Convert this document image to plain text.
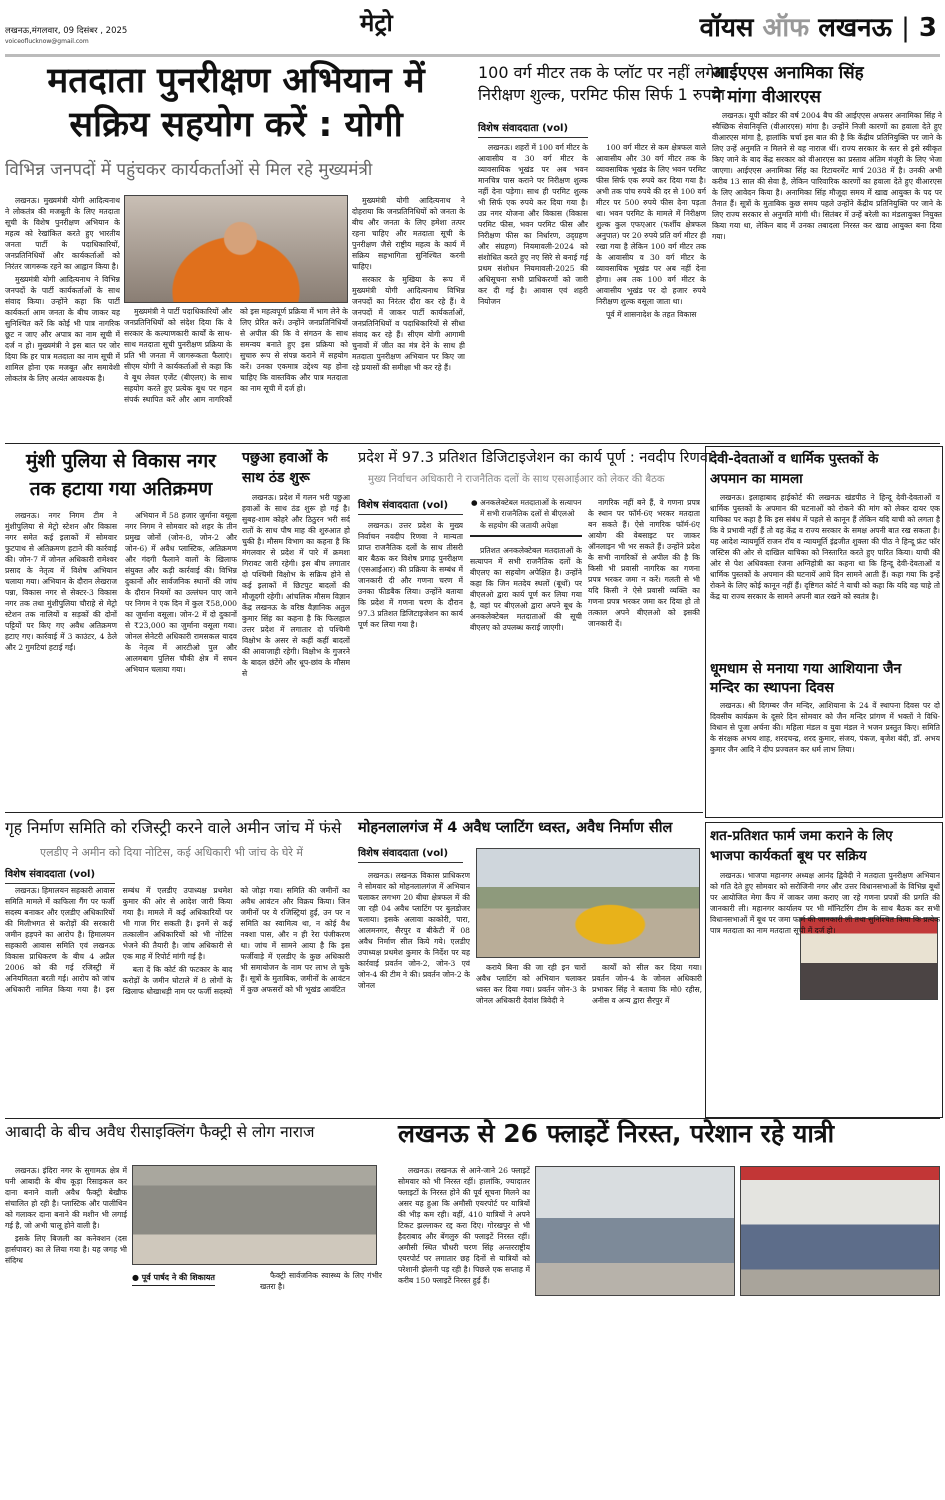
लखनऊ,मंगलवार, 09 दिसंबर , 2025
voiceoflucknow@gmail.com
मेट्रो	वॉयस ऑफ लखनऊ | 3
मतदाता पुनरीक्षण अभियान में
सक्रिय सहयोग करें : योगी
विभिन्न जनपदों में पहुंचकर कार्यकर्ताओं से मिल रहे मुख्यमंत्री

लखनऊ। मुख्यमंत्री योगी आदित्यनाथ ने लोकतंत्र की मजबूती के लिए मतदाता सूची के विशेष पुनरीक्षण अभियान के महत्व को रेखांकित करते हुए भारतीय जनता पार्टी के पदाधिकारियों, जनप्रतिनिधियों और कार्यकर्ताओं को निरंतर जागरूक रहने का आह्वान किया है।

मुख्यमंत्री योगी आदित्यनाथ ने विभिन्न जनपदों के पार्टी कार्यकर्ताओं के साथ संवाद किया। उन्होंने कहा कि पार्टी कार्यकर्ता आम जनता के बीच जाकर यह सुनिश्चित करें कि कोई भी पात्र नागरिक छूट न जाए और अपात्र का नाम सूची में दर्ज न हो। मुख्यमंत्री ने इस बात पर जोर दिया कि हर पात्र मतदाता का नाम सूची में शामिल होना एक मजबूत और समावेशी लोकतंत्र के लिए अत्यंत आवश्यक है।

मुख्यमंत्री ने पार्टी पदाधिकारियों और जनप्रतिनिधियों को संदेश दिया कि वे सरकार के कल्याणकारी कार्यों के साथ-साथ मतदाता सूची पुनरीक्षण प्रक्रिया के प्रति भी जनता में जागरूकता फैलाएं। सीएम योगी ने कार्यकर्ताओं से कहा कि वे बूथ लेवल एजेंट (बीएलए) के साथ सहयोग करते हुए प्रत्येक बूथ पर गहन संपर्क स्थापित करें और आम नागरिकों को इस महत्वपूर्ण प्रक्रिया में भाग लेने के लिए प्रेरित करें। उन्होंने जनप्रतिनिधियों से अपील की कि वे संगठन के साथ समन्वय बनाते हुए इस प्रक्रिया को सुचारु रूप से संपन्न कराने में सहयोग करें। उनका एकमात्र उद्देश्य यह होना चाहिए कि वास्तविक और पात्र मतदाता का नाम सूची में दर्ज हो।

मुख्यमंत्री योगी आदित्यनाथ ने दोहराया कि जनप्रतिनिधियों को जनता के बीच और जनता के लिए हमेशा तत्पर रहना चाहिए और मतदाता सूची के पुनरीक्षण जैसे राष्ट्रीय महत्व के कार्य में सक्रिय सहभागिता सुनिश्चित करनी चाहिए।

सरकार के मुखिया के रूप में मुख्यमंत्री योगी आदित्यनाथ विभिन्न जनपदों का निरंतर दौरा कर रहे हैं। वे जनपदों में जाकर पार्टी कार्यकर्ताओं, जनप्रतिनिधियों व पदाधिकारियों से सीधा संवाद कर रहे हैं। सीएम योगी आगामी चुनावों में जीत का मंत्र देने के साथ ही मतदाता पुनरीक्षण अभियान पर किए जा रहे प्रयासों की समीक्षा भी कर रहे हैं।

100 वर्ग मीटर तक के प्लॉट पर नहीं लगेगा
निरीक्षण शुल्क, परमिट फीस सिर्फ 1 रुपया
विशेष संवाददाता (vol)

लखनऊ। शहरों में 100 वर्ग मीटर के आवासीय व 30 वर्ग मीटर के व्यावसायिक भूखंड पर अब भवन मानचित्र पास कराने पर निरीक्षण शुल्क नहीं देना पड़ेगा। साथ ही परमिट शुल्क भी सिर्फ एक रुपये कर दिया गया है। उप्र नगर योजना और विकास (विकास परमिट फीस, भवन परमिट फीस और निरीक्षण फीस का निर्धारण, उद्ग्रहण और संग्रहण) नियमावली-2024 को संशोधित करते हुए नए सिरे से बनाई गई प्रथम संशोधन नियमावली-2025 की अधिसूचना सभी प्राधिकरणों को जारी कर दी गई है। आवास एवं शहरी नियोजन

100 वर्ग मीटर से कम क्षेत्रफल वाले आवासीय और 30 वर्ग मीटर तक के व्यावसायिक भूखंड के लिए भवन परमिट फीस सिर्फ एक रुपये कर दिया गया है। अभी तक पांच रुपये की दर से 100 वर्ग मीटर पर 500 रुपये फीस देना पड़ता था। भवन परमिट के मामले में निरीक्षण शुल्क कुल एफएआर (फर्शीय क्षेत्रफल अनुपात) पर 20 रुपये प्रति वर्ग मीटर ही रखा गया है लेकिन 100 वर्ग मीटर तक के आवासीय व 30 वर्ग मीटर के व्यावसायिक भूखंड पर अब नहीं देना होगा। अब तक 100 वर्ग मीटर के आवासीय भूखंड पर दो हजार रुपये निरीक्षण शुल्क वसूला जाता था।

पूर्व में शासनादेश के तहत विकास

आईएएस अनामिका सिंह
ने मांगा वीआरएस

लखनऊ। यूपी कॉडर की वर्ष 2004 बैच की आईएएस अफसर अनामिका सिंह ने स्वैच्छिक सेवानिवृत्ति (वीआरएस) मांगा है। उन्होंने निजी कारणों का हवाला देते हुए वीआरएस मांगा है, हालांकि चर्चा इस बात की है कि केंद्रीय प्रतिनियुक्ति पर जाने के लिए उन्हें अनुमति न मिलने से वह नाराज थीं। राज्य सरकार के स्तर से इसे स्वीकृत किए जाने के बाद केंद्र सरकार को वीआरएस का प्रस्ताव अंतिम मंजूरी के लिए भेजा जाएगा। आईएएस अनामिका सिंह का रिटायरमेंट मार्च 2038 में है। उनकी अभी करीब 13 साल की सेवा है, लेकिन पारिवारिक कारणों का हवाला देते हुए वीआरएस के लिए आवेदन किया है। अनामिका सिंह मौजूदा समय में खाद्य आयुक्त के पद पर तैनात हैं। सूत्रों के मुताबिक कुछ समय पहले उन्होंने केंद्रीय प्रतिनियुक्ति पर जाने के लिए राज्य सरकार से अनुमति मांगी थी। सितंबर में उन्हें बरेली का मंडलायुक्त नियुक्त किया गया था, लेकिन बाद में उनका तबादला निरस्त कर खाद्य आयुक्त बना दिया गया।

मुंशी पुलिया से विकास नगर
तक हटाया गया अतिक्रमण

लखनऊ। नगर निगम टीम ने मुंशीपुलिया से मेट्रो स्टेशन और विकास नगर समेत कई इलाकों में सोमवार फुटपाथ से अतिक्रमण हटाने की कार्रवाई की। जोन-7 में जोनल अधिकारी रामेश्वर प्रसाद के नेतृत्व में विशेष अभियान चलाया गया। अभियान के दौरान लेखराज पन्ना, विकास नगर से सेक्टर-3 विकास नगर तक तथा मुंशीपुलिया चौराहे से मेट्रो स्टेशन तक नालियों व सड़कों की दोनों पट्टियों पर किए गए अवैध अतिक्रमण हटाए गए। कार्रवाई में 3 काउंटर, 4 ठेले और 2 गुमटियां हटाई गईं।

अभियान में 58 हजार जुर्माना वसूला नगर निगम ने सोमवार को शहर के तीन प्रमुख जोनों (जोन-8, जोन-2 और जोन-6) में अवैध प्लास्टिक, अतिक्रमण और गंदगी फैलाने वालों के खिलाफ संयुक्त और कड़ी कार्रवाई की। विभिन्न दुकानों और सार्वजनिक स्थानों की जांच के दौरान नियमों का उल्लंघन पाए जाने पर निगम ने एक दिन में कुल ₹58,000 का जुर्माना वसूला। जोन-2 में दो दुकानों से ₹23,000 का जुर्माना वसूला गया। जोनल सेनेटरी अधिकारी रामसकल यादव के नेतृत्व में आरटीओ पुल और आलमबाग पुलिस चौकी क्षेत्र में सघन अभियान चलाया गया।

पछुआ हवाओं के
साथ ठंड शुरू

लखनऊ। प्रदेश में गलन भरी पछुआ हवाओं के साथ ठंड शुरू हो गई है। सुबह-शाम कोहरे और ठिठुरन भरी सर्द रातों के साथ पौष माह की शुरुआत हो चुकी है। मौसम विभाग का कहना है कि मंगलवार से प्रदेश में पारे में क्रमशः गिरावट जारी रहेगी। इस बीच लगातार दो पश्चिमी विक्षोभ के सक्रिय होने से कई इलाकों में छिटपुट बादलों की मौजूदगी रहेगी। आंचलिक मौसम विज्ञान केंद्र लखनऊ के वरिष्ठ वैज्ञानिक अतुल कुमार सिंह का कहना है कि फिलहाल उत्तर प्रदेश में लगातार दो पश्चिमी विक्षोभ के असर से कहीं कहीं बादलों की आवाजाही रहेगी। विक्षोभ के गुजरने के बादल छंटेंगे और धूप-छांव के मौसम से

प्रदेश में 97.3 प्रतिशत डिजिटाइजेशन का कार्य पूर्ण : नवदीप रिणवा
मुख्य निर्वाचन अधिकारी ने राजनैतिक दलों के साथ एसआईआर को लेकर की बैठक
विशेष संवाददाता (vol)	● अनकलेक्टेबल मतदाताओं के सत्यापन में सभी राजनैतिक दलों से बीएलओ के सहयोग की जतायी अपेक्षा

लखनऊ। उत्तर प्रदेश के मुख्य निर्वाचन नवदीप रिणवा ने मान्यता प्राप्त राजनैतिक दलों के साथ तीसरी बार बैठक कर विशेष प्रगाढ़ पुनरीक्षण (एसआईआर) की प्रक्रिया के सम्बंध में जानकारी दी और गणना चरण में उनका फीडबैक लिया। उन्होंने बताया कि प्रदेश में गणना चरण के दौरान 97.3 प्रतिशत डिजिटाइजेशन का कार्य पूर्ण कर लिया गया है।

प्रतिशत अनकलेक्टेबल मतदाताओं के सत्यापन में सभी राजनैतिक दलों के बीएलए का सहयोग अपेक्षित है। उन्होंने कहा कि जिन मतदेय स्थलों (बूथों) पर बीएलओ द्वारा कार्य पूर्ण कर लिया गया है, वहां पर बीएलओ द्वारा अपने बूथ के अनकलेक्टेबल मतदाताओं की सूची बीएलए को उपलब्ध कराई जाएगी।

नागरिक नहीं बने हैं, वे गणना प्रपत्र के स्थान पर फॉर्म-6ए भरकर मतदाता बन सकते हैं। ऐसे नागरिक फॉर्म-6ए आयोग की वेबसाइट पर जाकर ऑनलाइन भी भर सकते हैं। उन्होंने प्रदेश के सभी नागरिकों से अपील की है कि किसी भी प्रवासी नागरिक का गणना प्रपत्र भरकर जमा न करें। गलती से भी यदि किसी ने ऐसे प्रवासी व्यक्ति का गणना प्रपत्र भरकर जमा कर दिया हो तो तत्काल अपने बीएलओ को इसकी जानकारी दें।

देवी-देवताओं व धार्मिक पुस्तकों के
अपमान का मामला

लखनऊ। इलाहाबाद हाईकोर्ट की लखनऊ खंडपीठ ने हिन्दू देवी-देवताओं व धार्मिक पुस्तकों के अपमान की घटनाओं को रोकने की मांग को लेकर दायर एक याचिका पर कहा है कि इस संबंध में पहले से कानून हैं लेकिन यदि याची को लगता है कि वे प्रभावी नहीं हैं तो वह केंद्र व राज्य सरकार के समक्ष अपनी बात रख सकता है। यह आदेश न्यायमूर्ति राजन रॉय व न्यायमूर्ति इंद्रजीत शुक्ला की पीठ ने हिन्दू फ्रंट फॉर जस्टिस की ओर से दाखिल याचिका को निस्तारित करते हुए पारित किया। याची की ओर से पेश अधिवक्ता रंजना अग्निहोत्री का कहना था कि हिन्दू देवी-देवताओं व धार्मिक पुस्तकों के अपमान की घटनायें आये दिन सामने आती हैं। कहा गया कि इन्हें रोकने के लिए कोई कानून नहीं हैं। दृष्टिगत कोर्ट ने याची को कहा कि यदि वह चाहे तो केंद्र या राज्य सरकार के सामने अपनी बात रखने को स्वतंत्र है।

धूमधाम से मनाया गया आशियाना जैन
मन्दिर का स्थापना दिवस

लखनऊ। श्री दिगम्बर जैन मन्दिर, आशियाना के 24 वें स्थापना दिवस पर दो दिवसीय कार्यक्रम के दूसरे दिन सोमवार को जैन मन्दिर प्रांगण में भक्तों ने विधि-विधान से पूजा अर्चना की। महिला मंडल व युवा मंडल ने भजन प्रस्तुत किए। समिति के संरक्षक अभय शाह, शरदचन्द्र, शरद कुमार, संजय, पंकज, बृजेश बंदी, डॉ. अभय कुमार जैन आदि ने दीप प्रज्वलन कर धर्म लाभ लिया।

शत-प्रतिशत फार्म जमा कराने के लिए
भाजपा कार्यकर्ता बूथ पर सक्रिय

लखनऊ। भाजपा महानगर अध्यक्ष आनंद द्विवेदी ने मतदाता पुनरीक्षण अभियान को गति देते हुए सोमवार को सरोजिनी नगर और उत्तर विधानसभाओं के विभिन्न बूथों पर आयोजित मेगा कैंप में जाकर जमा कराए जा रहे गणना प्रपत्रों की प्रगति की जानकारी ली। महानगर कार्यालय पर भी मॉनिटरिंग टीम के साथ बैठक कर सभी विधानसभाओं में बूथ पर जमा फार्म की जानकारी ली तथा सुनिश्चित किया कि प्रत्येक पात्र मतदाता का नाम मतदाता सूची में दर्ज हो।

गृह निर्माण समिति को रजिस्ट्री करने वाले अमीन जांच में फंसे
एलडीए ने अमीन को दिया नोटिस, कई अधिकारी भी जांच के घेरे में
विशेष संवाददाता (vol)

लखनऊ। हिमालयन सहकारी आवास समिति मामले में काफिला गैंग पर फर्जी सदस्य बनाकर और एलडीए अधिकारियों की मिलीभगत से करोड़ों की सरकारी जमीन हड़पने का आरोप है। हिमालयन सहकारी आवास समिति एवं लखनऊ विकास प्राधिकरण के बीच 4 अप्रैल 2006 को की गई रजिस्ट्री में अनियमितता बरती गई। आरोप को जांच अधिकारी नामित किया गया है। इस सम्बंध में एलडीए उपाध्यक्ष प्रथमेश कुमार की ओर से आदेश जारी किया गया है। मामले में कई अधिकारियों पर भी गाज गिर सकती है। इनमें से कई तत्कालीन अधिकारियों को भी नोटिस भेजने की तैयारी है। जांच अधिकारी से एक माह में रिपोर्ट मांगी गई है।

बता दें कि कोर्ट की फटकार के बाद करोड़ों के जमीन घोटाले में 8 लोगों के खिलाफ धोखाधड़ी नाम पर फर्जी सदस्यों को जोड़ा गया। समिति की जमीनों का अवैध आवंटन और विक्रय किया। जिन जमीनों पर ये रजिस्ट्रियां हुईं, उन पर न समिति का स्वामित्व था, न कोई वैध नक्शा पास, और न ही रेरा पंजीकरण था। जांच में सामने आया है कि इस फर्जीवाड़े में एलडीए के कुछ अधिकारी भी समायोजन के नाम पर लाभ ले चुके हैं। सूत्रों के मुताबिक, जमीनों के आवंटन में कुछ अफसरों को भी भूखंड आवंटित

मोहनलालगंज में 4 अवैध प्लाटिंग ध्वस्त, अवैध निर्माण सील
विशेष संवाददाता (vol)

लखनऊ। लखनऊ विकास प्राधिकरण ने सोमवार को मोहनलालगंज में अभियान चलाकर लगभग 20 बीघा क्षेत्रफल में की जा रही 04 अवैध प्लाटिंग पर बुलडोजर चलाया। इसके अलावा काकोरी, पारा, आलमनगर, सैरपुर व बीकेटी में 08 अवैध निर्माण सील किये गये। एलडीए उपाध्यक्ष प्रथमेश कुमार के निर्देश पर यह कार्रवाई प्रवर्तन जोन-2, जोन-3 एवं जोन-4 की टीम ने की। प्रवर्तन जोन-2 के जोनल

कराये बिना की जा रही इन चारों अवैध प्लाटिंग को अभियान चलाकर ध्वस्त कर दिया गया। प्रवर्तन जोन-3 के जोनल अधिकारी देवांश त्रिवेदी ने

कार्यों को सील कर दिया गया। प्रवर्तन जोन-4 के जोनल अधिकारी प्रभाकर सिंह ने बताया कि मो0 रहीस, अनीस व अन्य द्वारा सैरपुर में

आबादी के बीच अवैध रीसाइक्लिंग फैक्ट्री से लोग नाराज

लखनऊ। इंदिरा नगर के सुगामऊ क्षेत्र में घनी आबादी के बीच कूड़ा रिसाइकल कर दाना बनाने वाली अवैध फैक्ट्री बेखौफ संचालित हो रही है। प्लास्टिक और पालीथिन को गलाकर दाना बनाने की मशीन भी लगाई गई है, जो अभी चालू होने वाली है।

इसके लिए बिजली का कनेक्शन (दस हार्सपावर) का ले लिया गया है। यह जगह भी संदिग्ध

● पूर्व पार्षद ने की शिकायत	फैक्ट्री सार्वजनिक स्वास्थ्य के लिए गंभीर खतरा है।

लखनऊ से 26 फ्लाइटें निरस्त, परेशान रहे यात्री

लखनऊ। लखनऊ से आने-जाने 26 फ्लाइटें सोमवार को भी निरस्त रहीं। हालांकि, ज्यादातर फ्लाइटों के निरस्त होने की पूर्व सूचना मिलने का असर यह हुआ कि अमौसी एयरपोर्ट पर यात्रियों की भीड़ कम रही। वहीं, 410 यात्रियों ने अपने टिकट झल्लाकर रद्द करा दिए। गोरखपुर से भी हैदराबाद और बेंगलुरु की फ्लाइटें निरस्त रहीं। अमौसी स्थित चौधरी चरण सिंह अन्तरराष्ट्रीय एयरपोर्ट पर लगातार छह दिनों से यात्रियों को परेशानी झेलनी पड़ रही है। पिछले एक सप्ताह में करीब 150 फ्लाइटें निरस्त हुई हैं।
